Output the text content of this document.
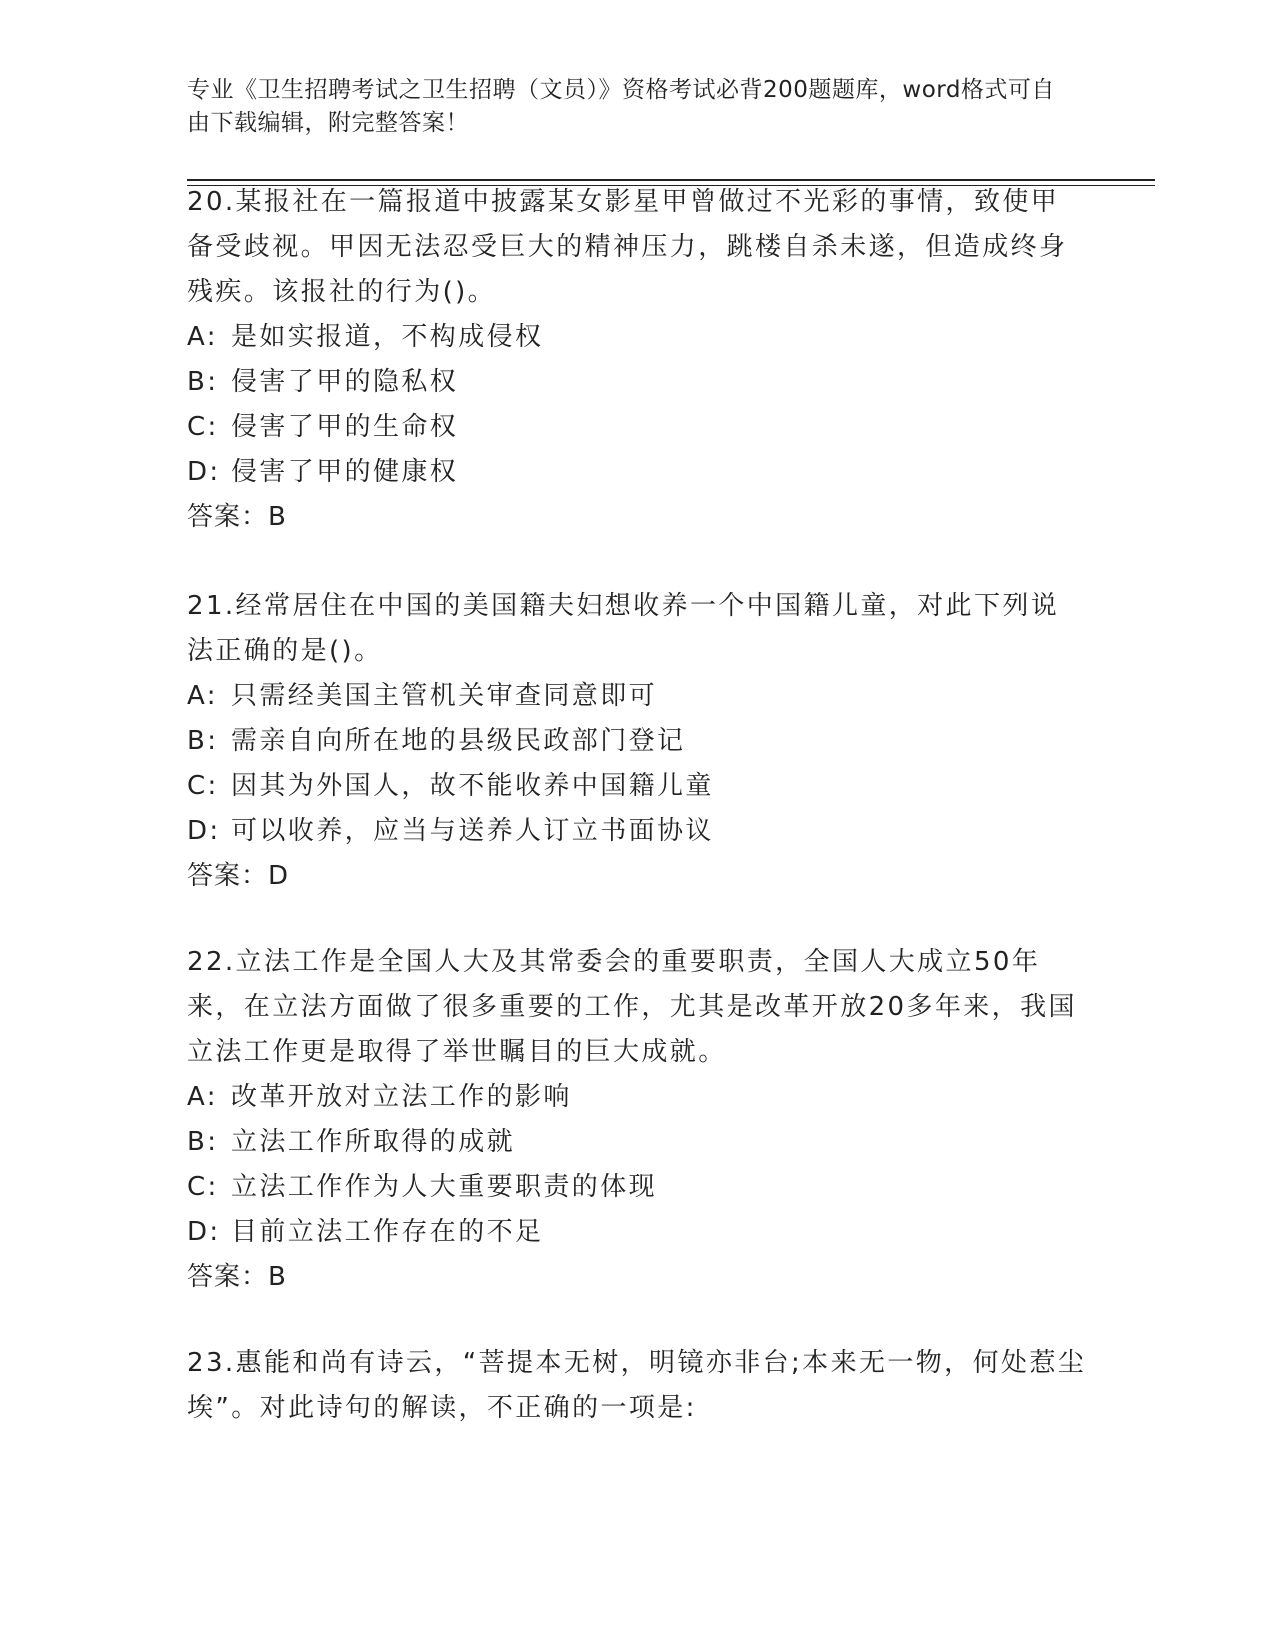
专业《卫生招聘考试之卫生招聘（文员）》资格考试必背200题题库，word格式可自由下载编辑，附完整答案！

20.某报社在一篇报道中披露某女影星甲曾做过不光彩的事情，致使甲备受歧视。甲因无法忍受巨大的精神压力，跳楼自杀未遂，但造成终身残疾。该报社的行为()。

A: 是如实报道，不构成侵权

B: 侵害了甲的隐私权

C: 侵害了甲的生命权

D: 侵害了甲的健康权

答案：B

21.经常居住在中国的美国籍夫妇想收养一个中国籍儿童，对此下列说法正确的是()。

A: 只需经美国主管机关审查同意即可

B: 需亲自向所在地的县级民政部门登记

C: 因其为外国人，故不能收养中国籍儿童

D: 可以收养，应当与送养人订立书面协议

答案：D

22.立法工作是全国人大及其常委会的重要职责，全国人大成立50年来，在立法方面做了很多重要的工作，尤其是改革开放20多年来，我国立法工作更是取得了举世瞩目的巨大成就。

A: 改革开放对立法工作的影响

B: 立法工作所取得的成就

C: 立法工作作为人大重要职责的体现

D: 目前立法工作存在的不足

答案：B

23.惠能和尚有诗云，“菩提本无树，明镜亦非台;本来无一物，何处惹尘埃”。对此诗句的解读，不正确的一项是:
